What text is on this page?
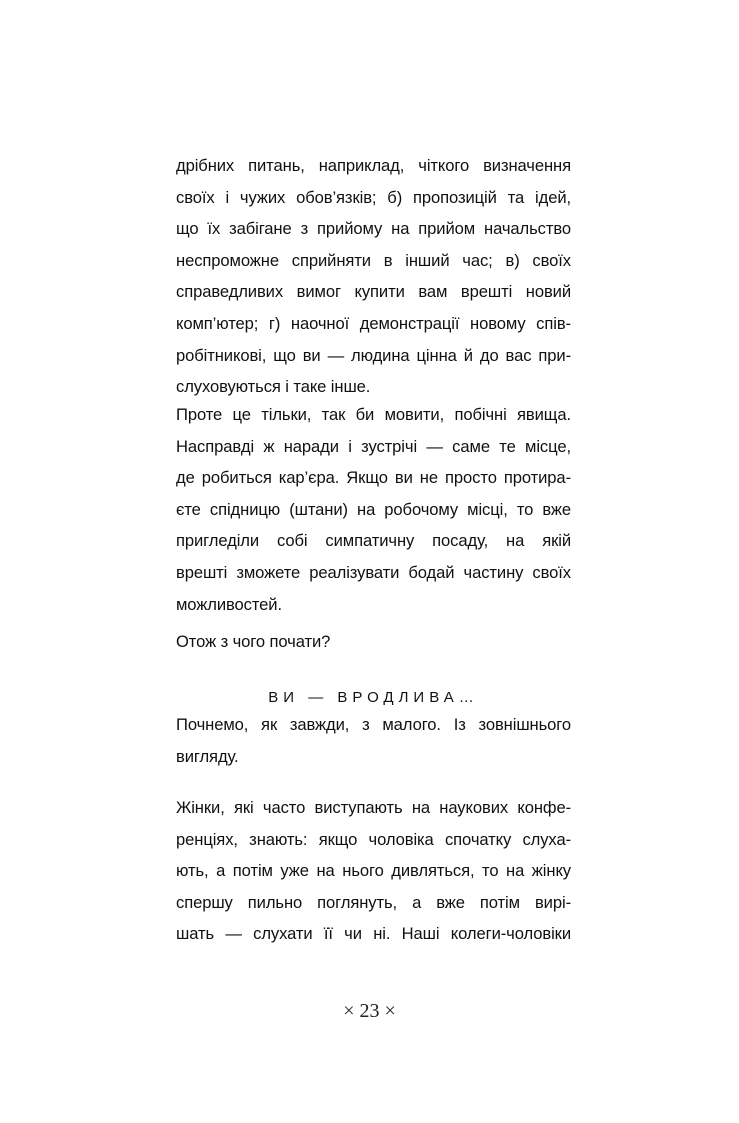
дрібних питань, наприклад, чіткого визначення
своїх і чужих обов’язків; б) пропозицій та ідей,
що їх забігане з прийому на прийом начальство
неспроможне сприйняти в інший час; в) своїх
справедливих вимог купити вам врешті новий
комп’ютер; г) наочної демонстрації новому спів-
робітникові, що ви — людина цінна й до вас при-
слуховуються і таке інше.
Проте це тільки, так би мовити, побічні явища.
Насправді ж наради і зустрічі — саме те місце,
де робиться кар’єра. Якщо ви не просто протира-
єте спідницю (штани) на робочому місці, то вже
пригледіли собі симпатичну посаду, на якій
врешті зможете реалізувати бодай частину своїх
можливостей.
Отож з чого почати?
ВИ — ВРОДЛИВА…
Почнемо, як завжди, з малого. Із зовнішнього
вигляду.
Жінки, які часто виступають на наукових конфе-
ренціях, знають: якщо чоловіка спочатку слуха-
ють, а потім уже на нього дивляться, то на жінку
спершу пильно поглянуть, а вже потім вирі-
шать — слухати її чи ні. Наші колеги-чоловіки
× 23 ×
